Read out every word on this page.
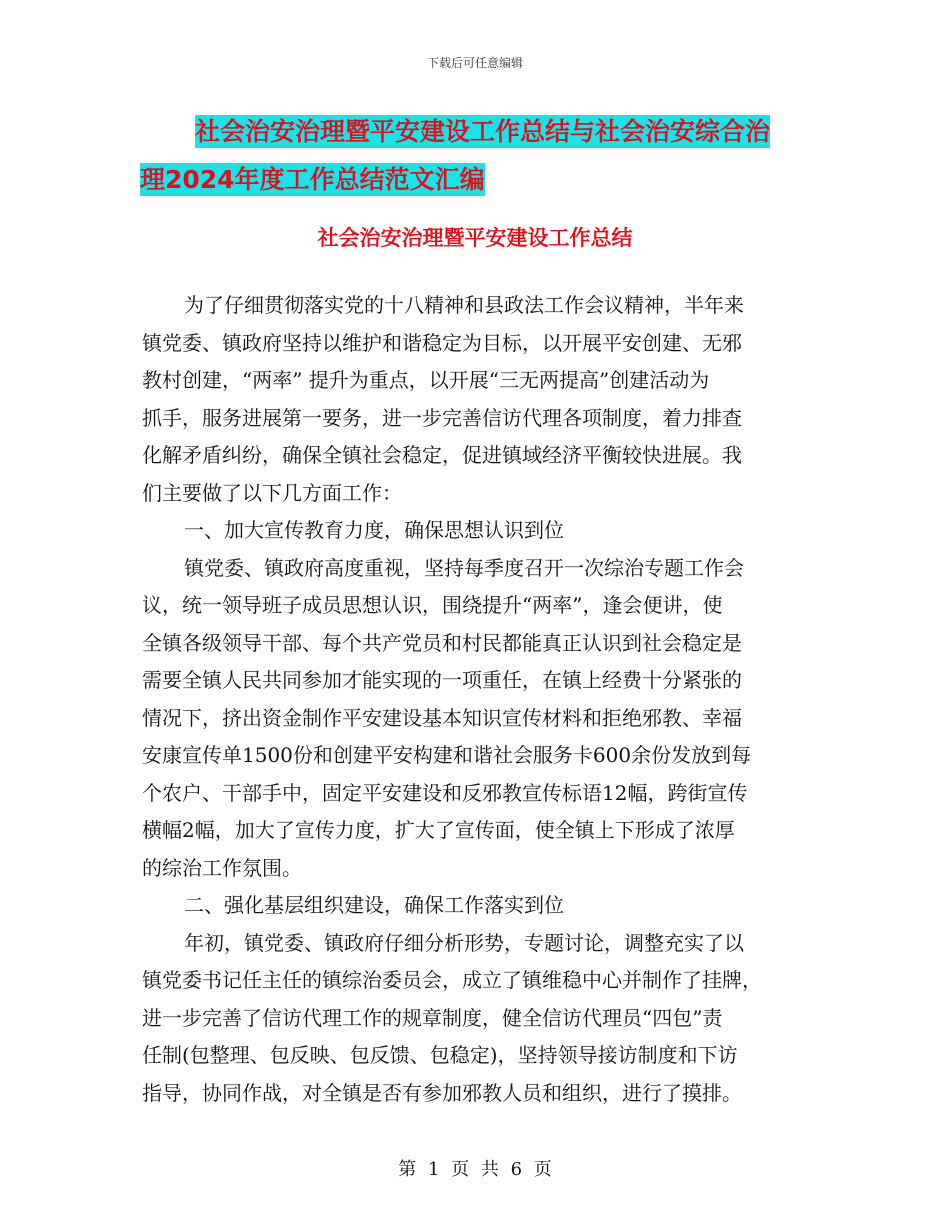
下载后可任意编辑
社会治安治理暨平安建设工作总结与社会治安综合治
理2024年度工作总结范文汇编
社会治安治理暨平安建设工作总结
为了仔细贯彻落实党的十八精神和县政法工作会议精神，半年来
镇党委、镇政府坚持以维护和谐稳定为目标，以开展平安创建、无邪
教村创建，“两率” 提升为重点，以开展“三无两提高”创建活动为
抓手，服务进展第一要务，进一步完善信访代理各项制度，着力排查
化解矛盾纠纷，确保全镇社会稳定，促进镇域经济平衡较快进展。我
们主要做了以下几方面工作：
一、加大宣传教育力度，确保思想认识到位
镇党委、镇政府高度重视，坚持每季度召开一次综治专题工作会
议，统一领导班子成员思想认识，围绕提升“两率”，逢会便讲，使
全镇各级领导干部、每个共产党员和村民都能真正认识到社会稳定是
需要全镇人民共同参加才能实现的一项重任，在镇上经费十分紧张的
情况下，挤出资金制作平安建设基本知识宣传材料和拒绝邪教、幸福
安康宣传单1500份和创建平安构建和谐社会服务卡600余份发放到每
个农户、干部手中，固定平安建设和反邪教宣传标语12幅，跨街宣传
横幅2幅，加大了宣传力度，扩大了宣传面，使全镇上下形成了浓厚
的综治工作氛围。
二、强化基层组织建设，确保工作落实到位
年初，镇党委、镇政府仔细分析形势，专题讨论，调整充实了以
镇党委书记任主任的镇综治委员会，成立了镇维稳中心并制作了挂牌，
进一步完善了信访代理工作的规章制度，健全信访代理员“四包”责
任制(包整理、包反映、包反馈、包稳定)，坚持领导接访制度和下访
指导，协同作战，对全镇是否有参加邪教人员和组织，进行了摸排。
第 1 页 共 6 页
